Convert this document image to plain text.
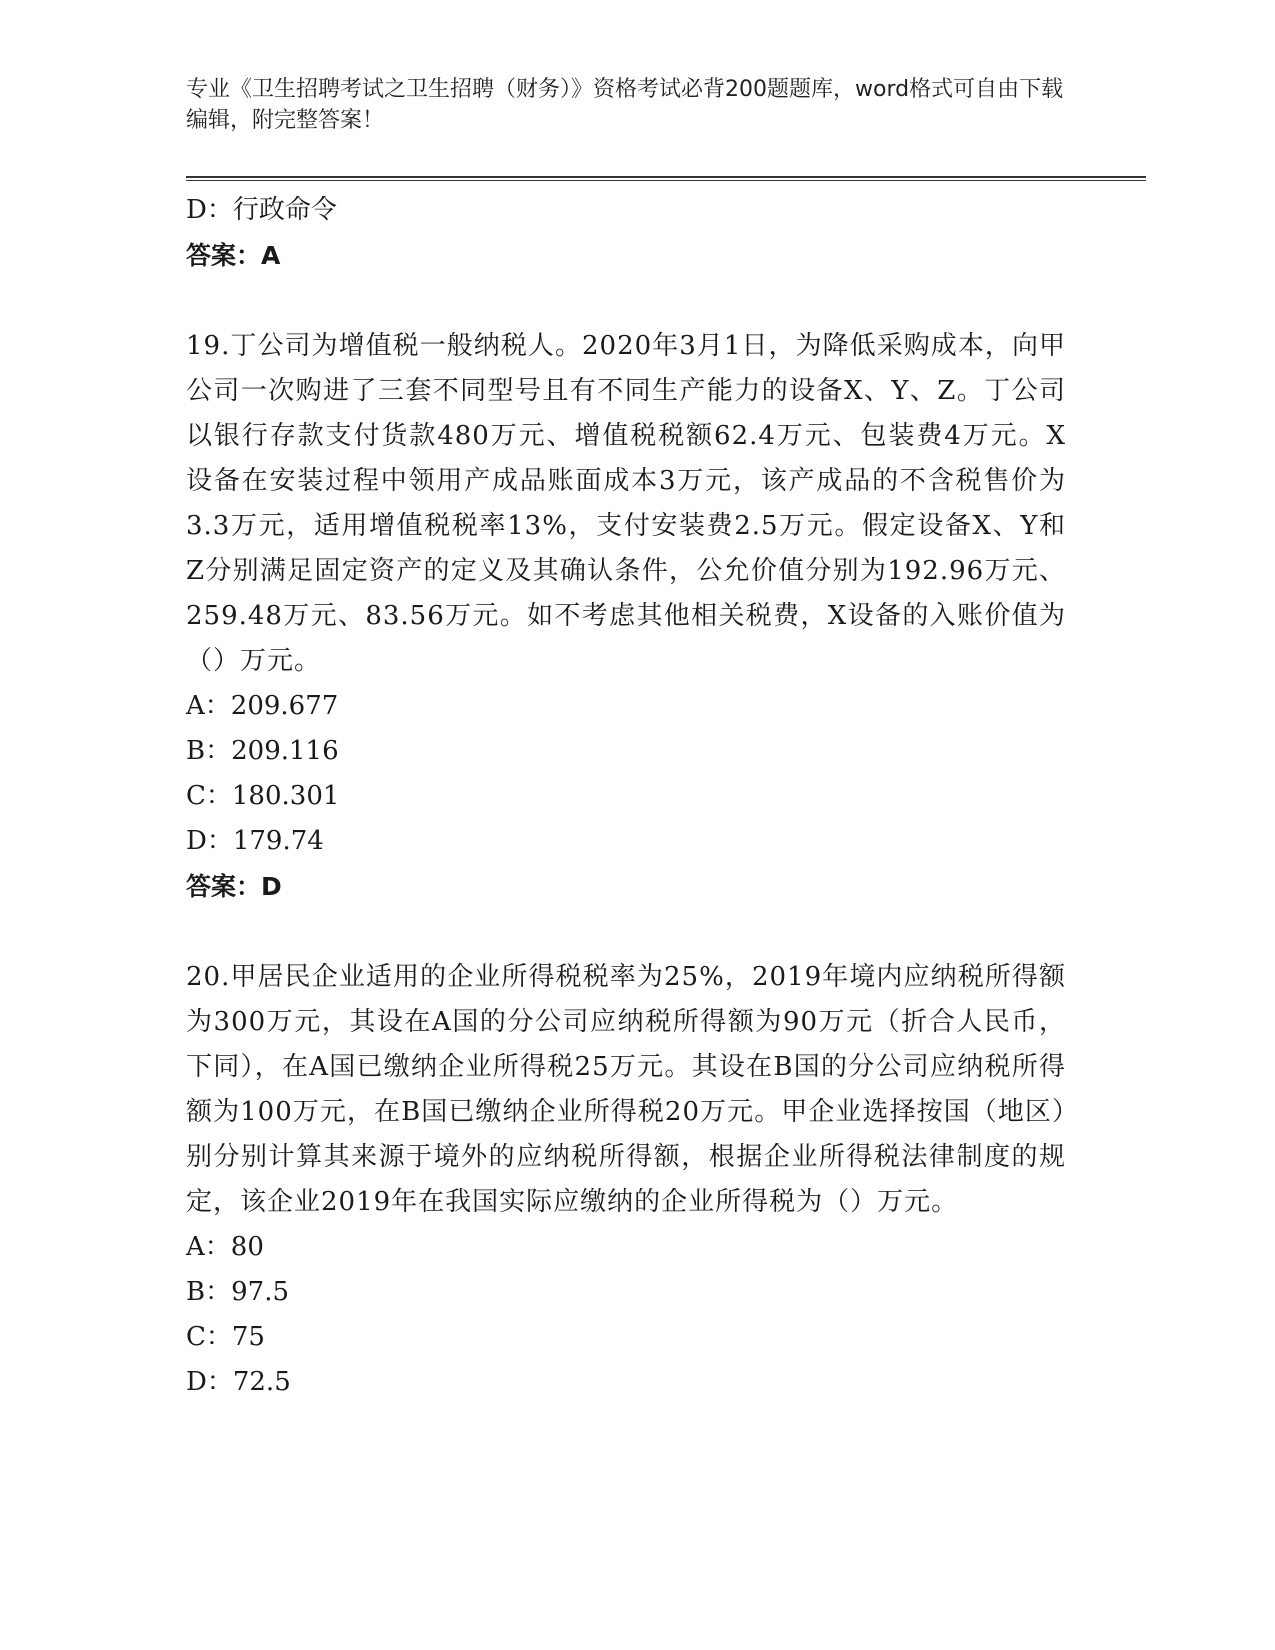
专业《卫生招聘考试之卫生招聘（财务）》资格考试必背200题题库，word格式可自由下载编辑，附完整答案！
D：行政命令
答案：A
19.丁公司为增值税一般纳税人。2020年3月1日，为降低采购成本，向甲公司一次购进了三套不同型号且有不同生产能力的设备X、Y、Z。丁公司以银行存款支付货款480万元、增值税税额62.4万元、包装费4万元。X设备在安装过程中领用产成品账面成本3万元，该产成品的不含税售价为3.3万元，适用增值税税率13%，支付安装费2.5万元。假定设备X、Y和Z分别满足固定资产的定义及其确认条件，公允价值分别为192.96万元、259.48万元、83.56万元。如不考虑其他相关税费，X设备的入账价值为（）万元。
A：209.677
B：209.116
C：180.301
D：179.74
答案：D
20.甲居民企业适用的企业所得税税率为25%，2019年境内应纳税所得额为300万元，其设在A国的分公司应纳税所得额为90万元（折合人民币，下同），在A国已缴纳企业所得税25万元。其设在B国的分公司应纳税所得额为100万元，在B国已缴纳企业所得税20万元。甲企业选择按国（地区）别分别计算其来源于境外的应纳税所得额，根据企业所得税法律制度的规定，该企业2019年在我国实际应缴纳的企业所得税为（）万元。
A：80
B：97.5
C：75
D：72.5
